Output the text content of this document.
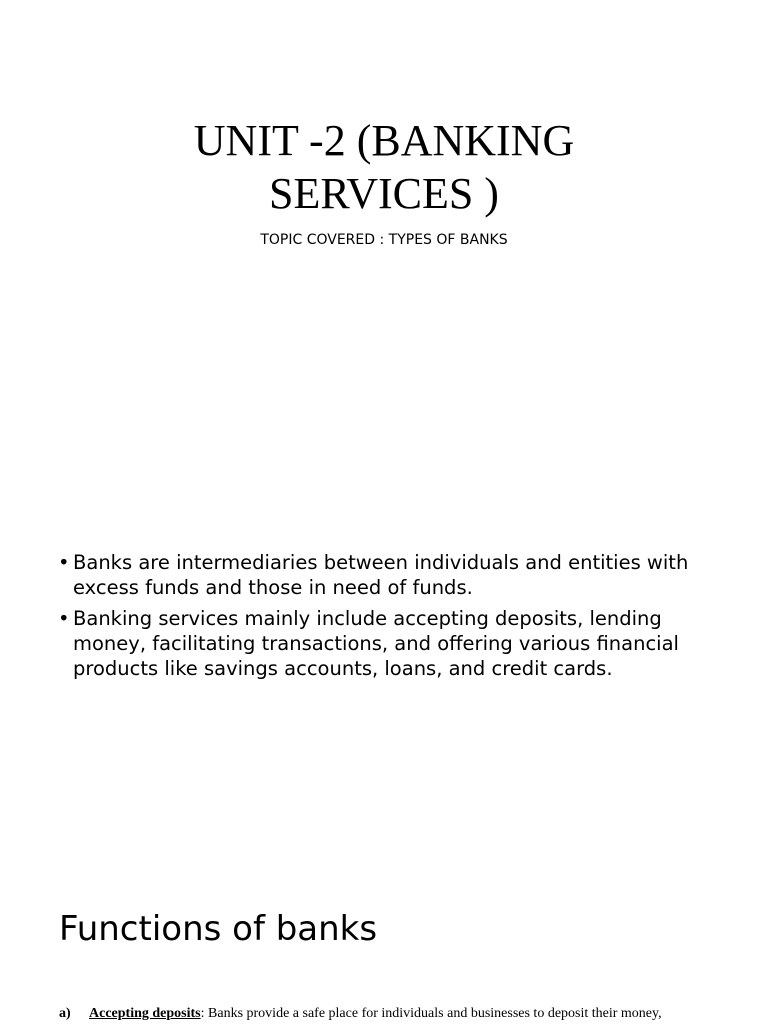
UNIT -2 (BANKING
SERVICES )
TOPIC COVERED : TYPES OF BANKS
• Banks are intermediaries between individuals and entities with excess funds and those in need of funds.
• Banking services mainly include accepting deposits, lending money, facilitating transactions, and offering various financial products like savings accounts, loans, and credit cards.
Functions of banks
a) Accepting deposits: Banks provide a safe place for individuals and businesses to deposit their money,
